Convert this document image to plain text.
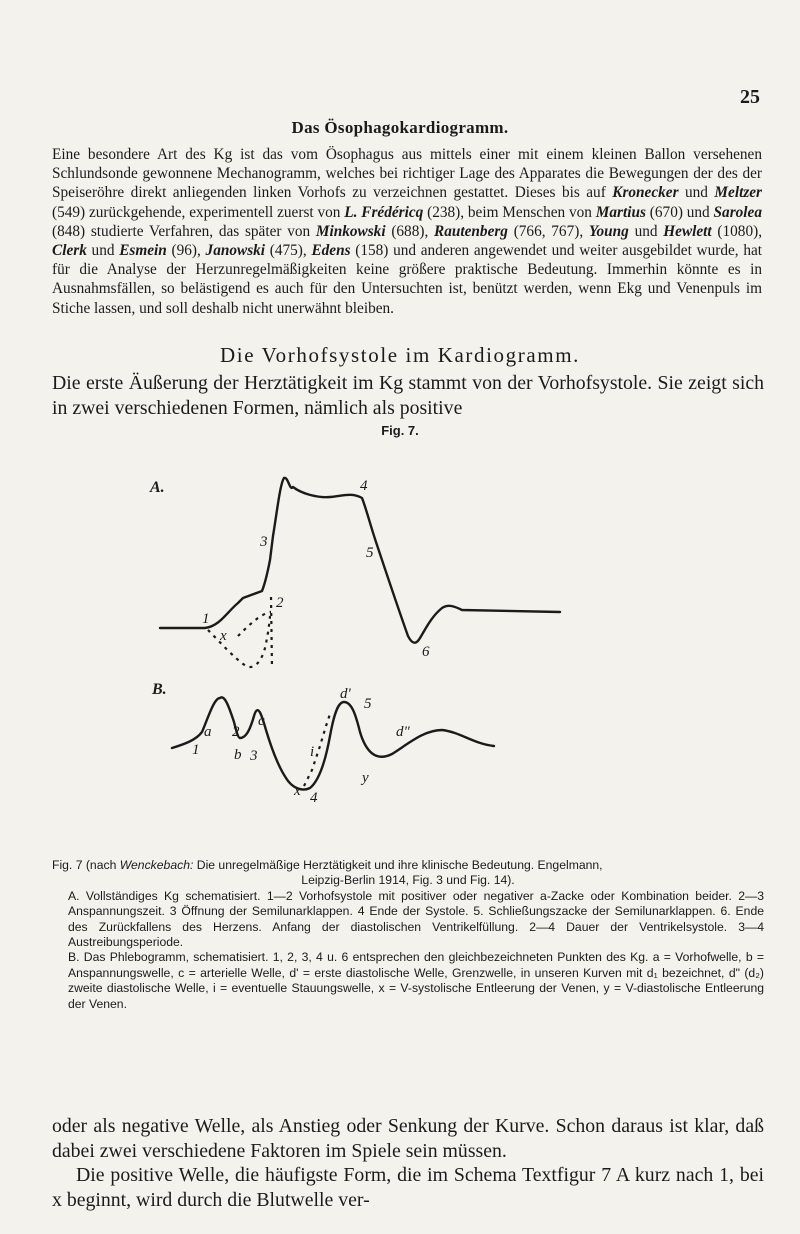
25
Das Ösophagokardiogramm.

Eine besondere Art des Kg ist das vom Ösophagus aus mittels einer mit einem kleinen Ballon versehenen Schlundsonde gewonnene Mechanogramm, welches bei richtiger Lage des Apparates die Bewegungen der des der Speiseröhre direkt anliegenden linken Vorhofs zu verzeichnen gestattet. Dieses bis auf Kronecker und Meltzer (549) zurückgehende, experimentell zuerst von L. Frédéricq (238), beim Menschen von Martius (670) und Sarolea (848) studierte Verfahren, das später von Minkowski (688), Rautenberg (766, 767), Young und Hewlett (1080), Clerk und Esmein (96), Janowski (475), Edens (158) und anderen angewendet und weiter ausgebildet wurde, hat für die Analyse der Herzunregelmäßigkeiten keine größere praktische Bedeutung. Immerhin könnte es in Ausnahmsfällen, so belästigend es auch für den Untersuchten ist, benützt werden, wenn Ekg und Venenpuls im Stiche lassen, und soll deshalb nicht unerwähnt bleiben.

Die Vorhofsystole im Kardiogramm.

Die erste Äußerung der Herztätigkeit im Kg stammt von der Vorhofsystole. Sie zeigt sich in zwei verschiedenen Formen, nämlich als positive

Fig. 7.
A.
1
2
3
4
5
6
x
B.
1
a 2
b 3
c
d'
5
d"
i
x 4
y
Fig. 7 (nach Wenckebach: Die unregelmäßige Herztätigkeit und ihre klinische Bedeutung. Engelmann,
Leipzig-Berlin 1914, Fig. 3 und Fig. 14).
A. Vollständiges Kg schematisiert. 1—2 Vorhofsystole mit positiver oder negativer a-Zacke oder Kombination beider. 2—3 Anspannungszeit. 3 Öffnung der Semilunarklappen. 4 Ende der Systole. 5. Schließungszacke der Semilunarklappen. 6. Ende des Zurückfallens des Herzens. Anfang der diastolischen Ventrikelfüllung. 2—4 Dauer der Ventrikelsystole. 3—4 Austreibungsperiode.
B. Das Phlebogramm, schematisiert. 1, 2, 3, 4 u. 6 entsprechen den gleichbezeichneten Punkten des Kg. a = Vorhofwelle, b = Anspannungswelle, c = arterielle Welle, d' = erste diastolische Welle, Grenzwelle, in unseren Kurven mit d₁ bezeichnet, d" (d₂) zweite diastolische Welle, i = eventuelle Stauungswelle, x = V-systolische Entleerung der Venen, y = V-diastolische Entleerung der Venen.

oder als negative Welle, als Anstieg oder Senkung der Kurve. Schon daraus ist klar, daß dabei zwei verschiedene Faktoren im Spiele sein müssen.

Die positive Welle, die häufigste Form, die im Schema Textfigur 7 A kurz nach 1, bei x beginnt, wird durch die Blutwelle ver-
